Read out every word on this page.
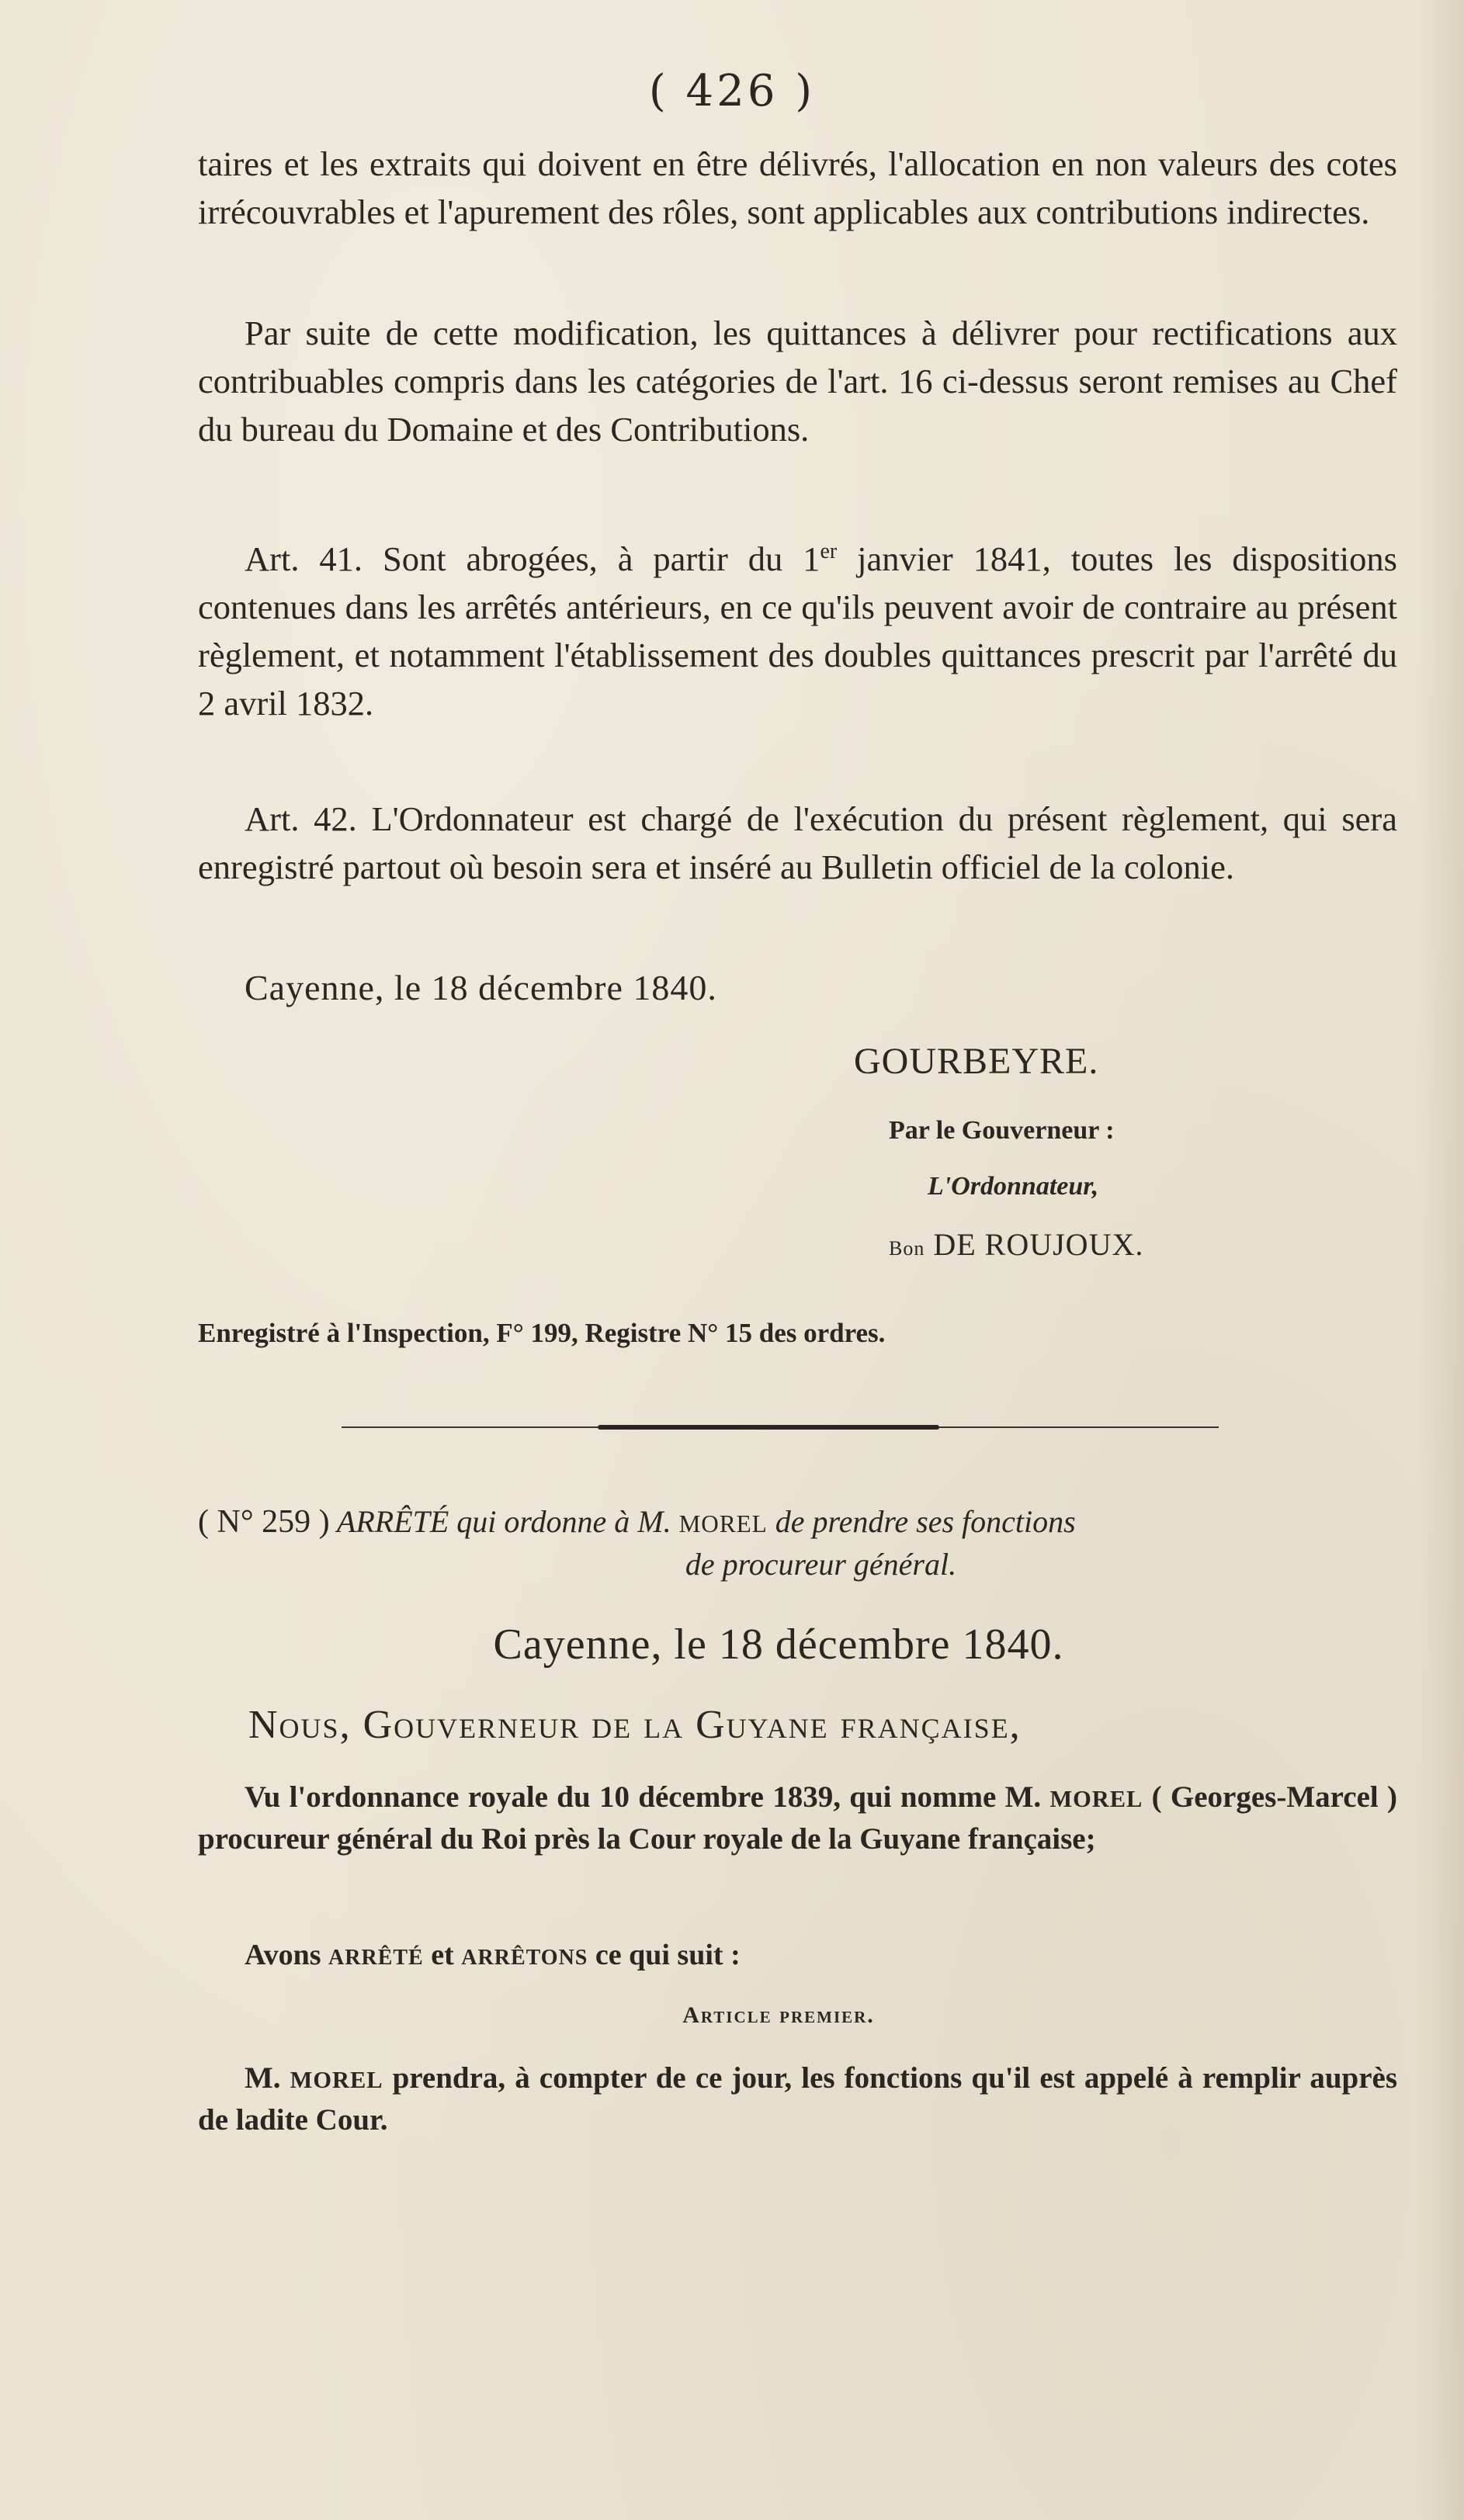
( 426 )

taires et les extraits qui doivent en être délivrés, l'allocation en non valeurs des cotes irrécouvrables et l'apurement des rôles, sont applicables aux contributions indirectes.

Par suite de cette modification, les quittances à délivrer pour rectifications aux contribuables compris dans les catégories de l'art. 16 ci-dessus seront remises au Chef du bureau du Domaine et des Contributions.

Art. 41. Sont abrogées, à partir du 1er janvier 1841, toutes les dispositions contenues dans les arrêtés antérieurs, en ce qu'ils peuvent avoir de contraire au présent règlement, et notamment l'établissement des doubles quittances prescrit par l'arrêté du 2 avril 1832.

Art. 42. L'Ordonnateur est chargé de l'exécution du présent règlement, qui sera enregistré partout où besoin sera et inséré au Bulletin officiel de la colonie.

Cayenne, le 18 décembre 1840.
GOURBEYRE.
Par le Gouverneur :
L'Ordonnateur,
Bon DE ROUJOUX.
Enregistré à l'Inspection, F° 199, Registre N° 15 des ordres.
( N° 259 ) ARRÊTÉ qui ordonne à M. MOREL de prendre ses fonctions
de procureur général.
Cayenne, le 18 décembre 1840.
Nous, Gouverneur de la Guyane française,

Vu l'ordonnance royale du 10 décembre 1839, qui nomme M. MOREL ( Georges-Marcel ) procureur général du Roi près la Cour royale de la Guyane française;

Avons ARRÊTÉ et ARRÊTONS ce qui suit :
Article premier.

M. MOREL prendra, à compter de ce jour, les fonctions qu'il est appelé à remplir auprès de ladite Cour.
